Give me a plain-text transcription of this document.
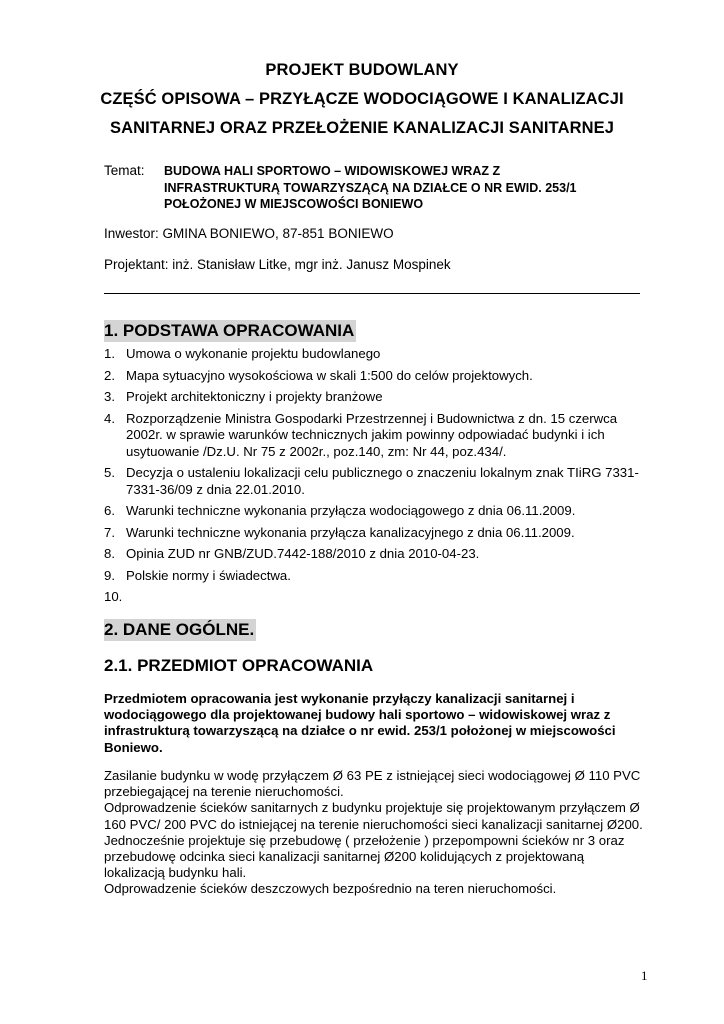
PROJEKT BUDOWLANY
CZĘŚĆ OPISOWA – PRZYŁĄCZE WODOCIĄGOWE I KANALIZACJI
SANITARNEJ ORAZ PRZEŁOŻENIE KANALIZACJI SANITARNEJ
Temat: BUDOWA HALI SPORTOWO – WIDOWISKOWEJ WRAZ Z
INFRASTRUKTURĄ TOWARZYSZĄCĄ NA DZIAŁCE O NR EWID. 253/1
POŁOŻONEJ W MIEJSCOWOŚCI BONIEWO
Inwestor: GMINA BONIEWO, 87-851 BONIEWO
Projektant: inż. Stanisław Litke, mgr inż. Janusz Mospinek
1. PODSTAWA OPRACOWANIA
1. Umowa o wykonanie projektu budowlanego
2. Mapa sytuacyjno wysokościowa w skali 1:500 do celów projektowych.
3. Projekt architektoniczny i projekty branżowe
4. Rozporządzenie Ministra Gospodarki Przestrzennej i Budownictwa z dn. 15 czerwca 2002r. w sprawie warunków technicznych jakim powinny odpowiadać budynki i ich usytuowanie /Dz.U. Nr 75 z 2002r., poz.140, zm: Nr 44, poz.434/.
5. Decyzja o ustaleniu lokalizacji celu publicznego o znaczeniu lokalnym znak TIiRG 7331-7331-36/09 z dnia 22.01.2010.
6. Warunki techniczne wykonania przyłącza wodociągowego z dnia 06.11.2009.
7. Warunki techniczne wykonania przyłącza kanalizacyjnego z dnia 06.11.2009.
8. Opinia ZUD nr GNB/ZUD.7442-188/2010 z dnia 2010-04-23.
9. Polskie normy i świadectwa.
10.
2. DANE OGÓLNE.
2.1. PRZEDMIOT OPRACOWANIA
Przedmiotem opracowania jest wykonanie przyłączy kanalizacji sanitarnej i wodociągowego dla projektowanej budowy hali sportowo – widowiskowej wraz z infrastrukturą towarzyszącą na działce o nr ewid. 253/1 położonej w miejscowości Boniewo.

Zasilanie budynku w wodę przyłączem Ø 63 PE z istniejącej sieci wodociągowej Ø 110 PVC przebiegającej na terenie nieruchomości.

Odprowadzenie ścieków sanitarnych z budynku projektuje się projektowanym przyłączem Ø 160 PVC/ 200 PVC do istniejącej na terenie nieruchomości sieci kanalizacji sanitarnej Ø200. Jednocześnie projektuje się przebudowę ( przełożenie ) przepompowni ścieków nr 3 oraz przebudowę odcinka sieci kanalizacji sanitarnej Ø200 kolidujących z projektowaną lokalizacją budynku hali.

Odprowadzenie ścieków deszczowych bezpośrednio na teren nieruchomości.

1
